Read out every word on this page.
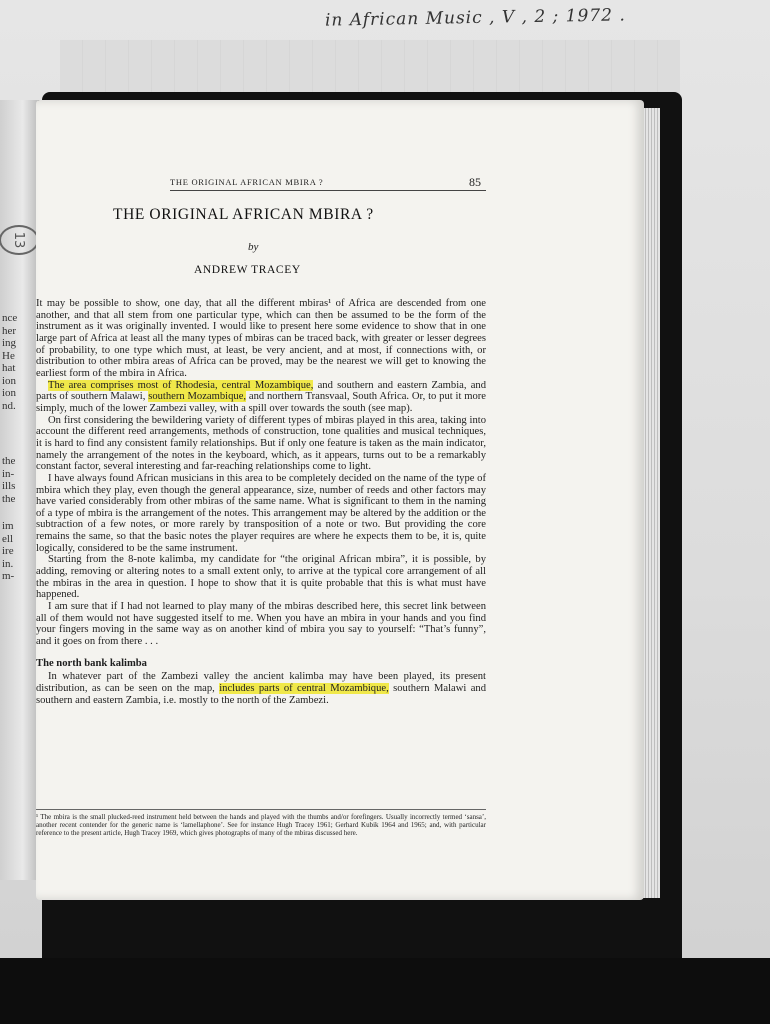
in African Music , V , 2 ; 1972 .
13
nce
her
ing
He
hat
ion
ion
nd.
the
in-
ills
the
im
ell
ire
in.
m-
THE ORIGINAL AFRICAN MBIRA ?	85
THE ORIGINAL AFRICAN MBIRA ?
by
ANDREW TRACEY

It may be possible to show, one day, that all the different mbiras¹ of Africa are descended from one another, and that all stem from one particular type, which can then be assumed to be the form of the instrument as it was originally invented. I would like to present here some evidence to show that in one large part of Africa at least all the many types of mbiras can be traced back, with greater or lesser degrees of probability, to one type which must, at least, be very ancient, and at most, if connections with, or distribution to other mbira areas of Africa can be proved, may be the nearest we will get to knowing the earliest form of the mbira in Africa.

The area comprises most of Rhodesia, central Mozambique, and southern and eastern Zambia, and parts of southern Malawi, southern Mozambique, and northern Transvaal, South Africa. Or, to put it more simply, much of the lower Zambezi valley, with a spill over towards the south (see map).

On first considering the bewildering variety of different types of mbiras played in this area, taking into account the different reed arrangements, methods of construction, tone qualities and musical techniques, it is hard to find any consistent family relationships. But if only one feature is taken as the main indicator, namely the arrangement of the notes in the keyboard, which, as it appears, turns out to be a remarkably constant factor, several interesting and far-reaching relationships come to light.

I have always found African musicians in this area to be completely decided on the name of the type of mbira which they play, even though the general appearance, size, number of reeds and other factors may have varied considerably from other mbiras of the same name. What is significant to them in the naming of a type of mbira is the arrangement of the notes. This arrangement may be altered by the addition or the subtraction of a few notes, or more rarely by transposition of a note or two. But providing the core remains the same, so that the basic notes the player requires are where he expects them to be, it is, quite logically, considered to be the same instrument.

Starting from the 8-note kalimba, my candidate for “the original African mbira”, it is possible, by adding, removing or altering notes to a small extent only, to arrive at the typical core arrangement of all the mbiras in the area in question. I hope to show that it is quite probable that this is what must have happened.

I am sure that if I had not learned to play many of the mbiras described here, this secret link between all of them would not have suggested itself to me. When you have an mbira in your hands and you find your fingers moving in the same way as on another kind of mbira you say to yourself: “That’s funny”, and it goes on from there . . .

The north bank kalimba

In whatever part of the Zambezi valley the ancient kalimba may have been played, its present distribution, as can be seen on the map, includes parts of central Mozambique, southern Malawi and southern and eastern Zambia, i.e. mostly to the north of the Zambezi.

¹ The mbira is the small plucked-reed instrument held between the hands and played with the thumbs and/or forefingers. Usually incorrectly termed ‘sansa’, another recent contender for the generic name is ‘lamellaphone’. See for instance Hugh Tracey 1961; Gerhard Kubik 1964 and 1965; and, with particular reference to the present article, Hugh Tracey 1969, which gives photographs of many of the mbiras discussed here.
